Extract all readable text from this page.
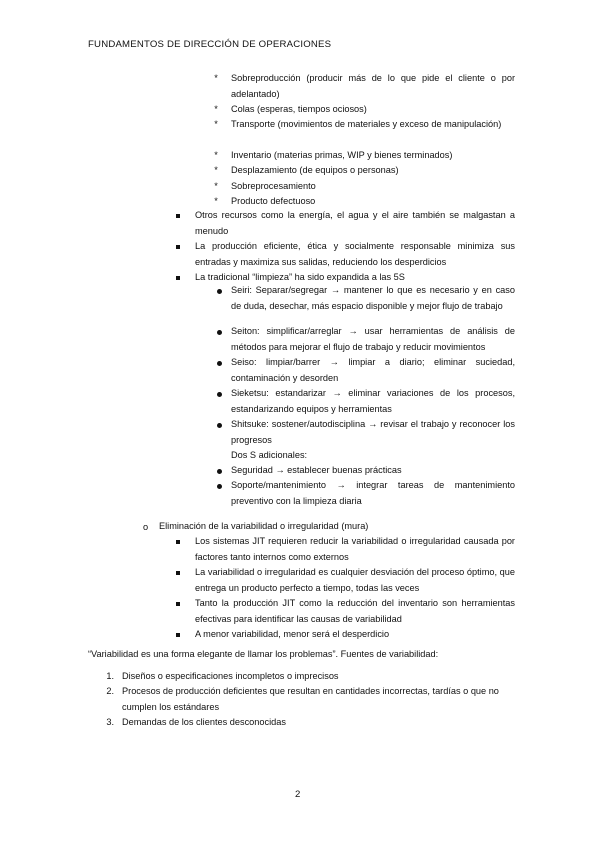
FUNDAMENTOS DE DIRECCIÓN DE OPERACIONES
* Sobreproducción (producir más de lo que pide el cliente o por adelantado)
* Colas (esperas, tiempos ociosos)
* Transporte (movimientos de materiales y exceso de manipulación)
* Inventario (materias primas, WIP y bienes terminados)
* Desplazamiento (de equipos o personas)
* Sobreprocesamiento
* Producto defectuoso
Otros recursos como la energía, el agua y el aire también se malgastan a menudo
La producción eficiente, ética y socialmente responsable minimiza sus entradas y maximiza sus salidas, reduciendo los desperdicios
La tradicional “limpieza” ha sido expandida a las 5S
Seiri: Separar/segregar → mantener lo que es necesario y en caso de duda, desechar, más espacio disponible y mejor flujo de trabajo
Seiton: simplificar/arreglar → usar herramientas de análisis de métodos para mejorar el flujo de trabajo y reducir movimientos
Seiso: limpiar/barrer → limpiar a diario; eliminar suciedad, contaminación y desorden
Sieketsu: estandarizar → eliminar variaciones de los procesos, estandarizando equipos y herramientas
Shitsuke: sostener/autodisciplina → revisar el trabajo y reconocer los progresos
Dos S adicionales:
Seguridad → establecer buenas prácticas
Soporte/mantenimiento → integrar tareas de mantenimiento preventivo con la limpieza diaria
o Eliminación de la variabilidad o irregularidad (mura)
Los sistemas JIT requieren reducir la variabilidad o irregularidad causada por factores tanto internos como externos
La variabilidad o irregularidad es cualquier desviación del proceso óptimo, que entrega un producto perfecto a tiempo, todas las veces
Tanto la producción JIT como la reducción del inventario son herramientas efectivas para identificar las causas de variabilidad
A menor variabilidad, menor será el desperdicio
“Variabilidad es una forma elegante de llamar los problemas”. Fuentes de variabilidad:
1. Diseños o especificaciones incompletos o imprecisos
2. Procesos de producción deficientes que resultan en cantidades incorrectas, tardías o que no cumplen los estándares
3. Demandas de los clientes desconocidas
2
